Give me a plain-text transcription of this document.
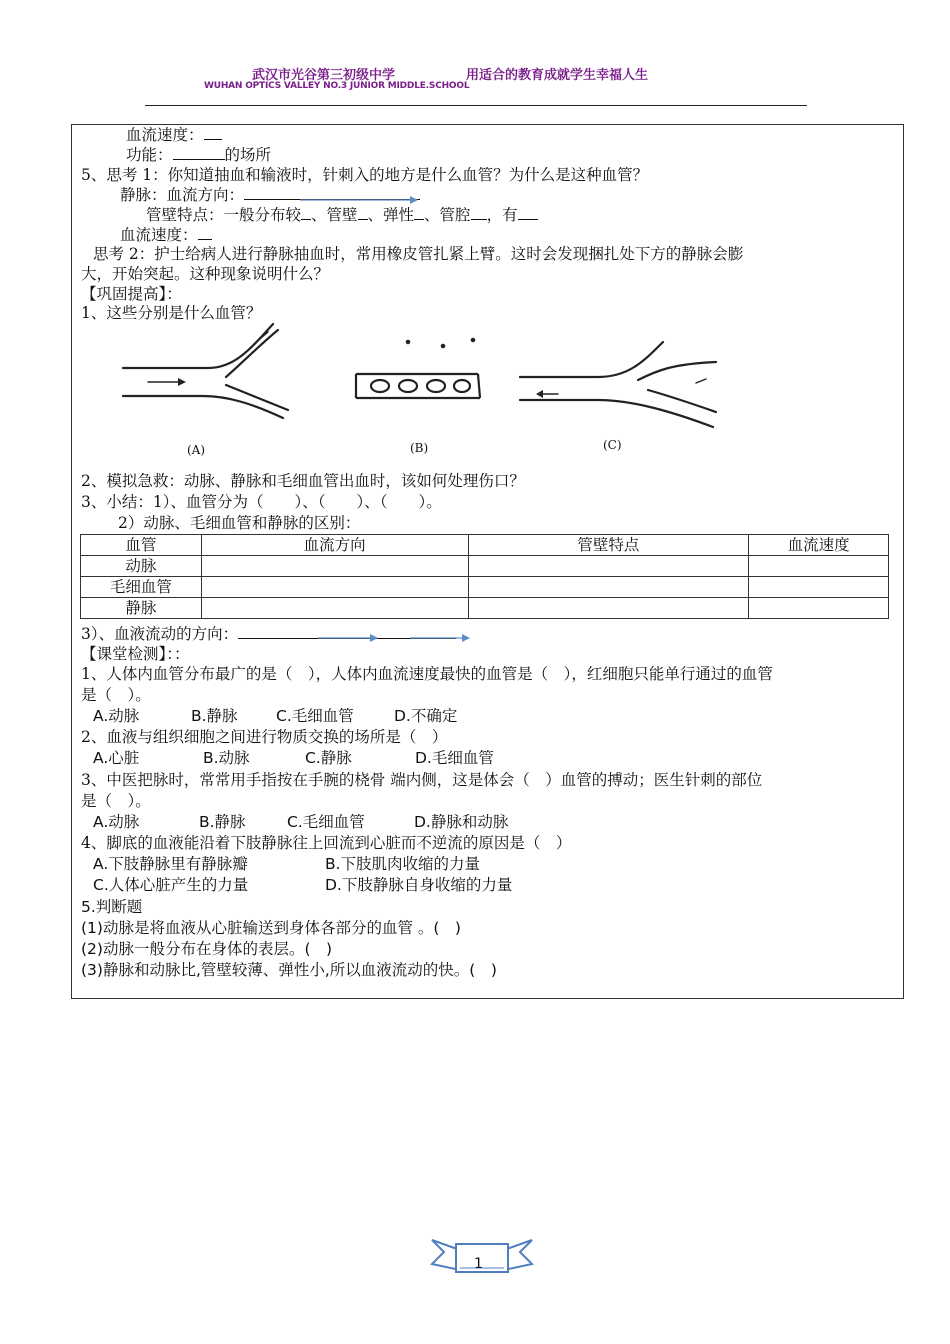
武汉市光谷第三初级中学	用适合的教育成就学生幸福人生
WUHAN OPTICS VALLEY NO.3 JUNIOR MIDDLE.SCHOOL
血流速度：
功能：	的场所
5、思考 1：你知道抽血和输液时，针刺入的地方是什么血管？为什么是这种血管？
静脉：血流方向：
管壁特点：一般分布较 、管壁 、弹性 、管腔 ，有
血流速度：
思考 2：护士给病人进行静脉抽血时，常用橡皮管扎紧上臂。这时会发现捆扎处下方的静脉会膨
大，开始突起。这种现象说明什么？
【巩固提高】：
1、这些分别是什么血管？
(A)	(B)	(C)
2、模拟急救：动脉、静脉和毛细血管出血时，该如何处理伤口？
3、小结：1）、血管分为（　　）、（　　）、（　　）。
2）动脉、毛细血管和静脉的区别：
血管	血流方向	管壁特点	血流速度
动脉			
毛细血管			
静脉			
3）、血液流动的方向：
【课堂检测】：：
1、人体内血管分布最广的是（　），人体内血流速度最快的血管是（　），红细胞只能单行通过的血管
是（　）。
A.动脉	B.静脉 C.毛细血管	D.不确定
2、血液与组织细胞之间进行物质交换的场所是（　）
A.心脏	B.动脉	C.静脉	D.毛细血管
3、中医把脉时，常常用手指按在手腕的桡骨 端内侧，这是体会（　）血管的搏动；医生针刺的部位
是（　）。
A.动脉	B.静脉	C.毛细血管	D.静脉和动脉
4、脚底的血液能沿着下肢静脉往上回流到心脏而不逆流的原因是（　）
A.下肢静脉里有静脉瓣	B.下肢肌肉收缩的力量
C.人体心脏产生的力量	D.下肢静脉自身收缩的力量
5.判断题
(1)动脉是将血液从心脏输送到身体各部分的血管 。(　)
(2)动脉一般分布在身体的表层。(　)
(3)静脉和动脉比,管壁较薄、弹性小,所以血液流动的快。(　)
1
